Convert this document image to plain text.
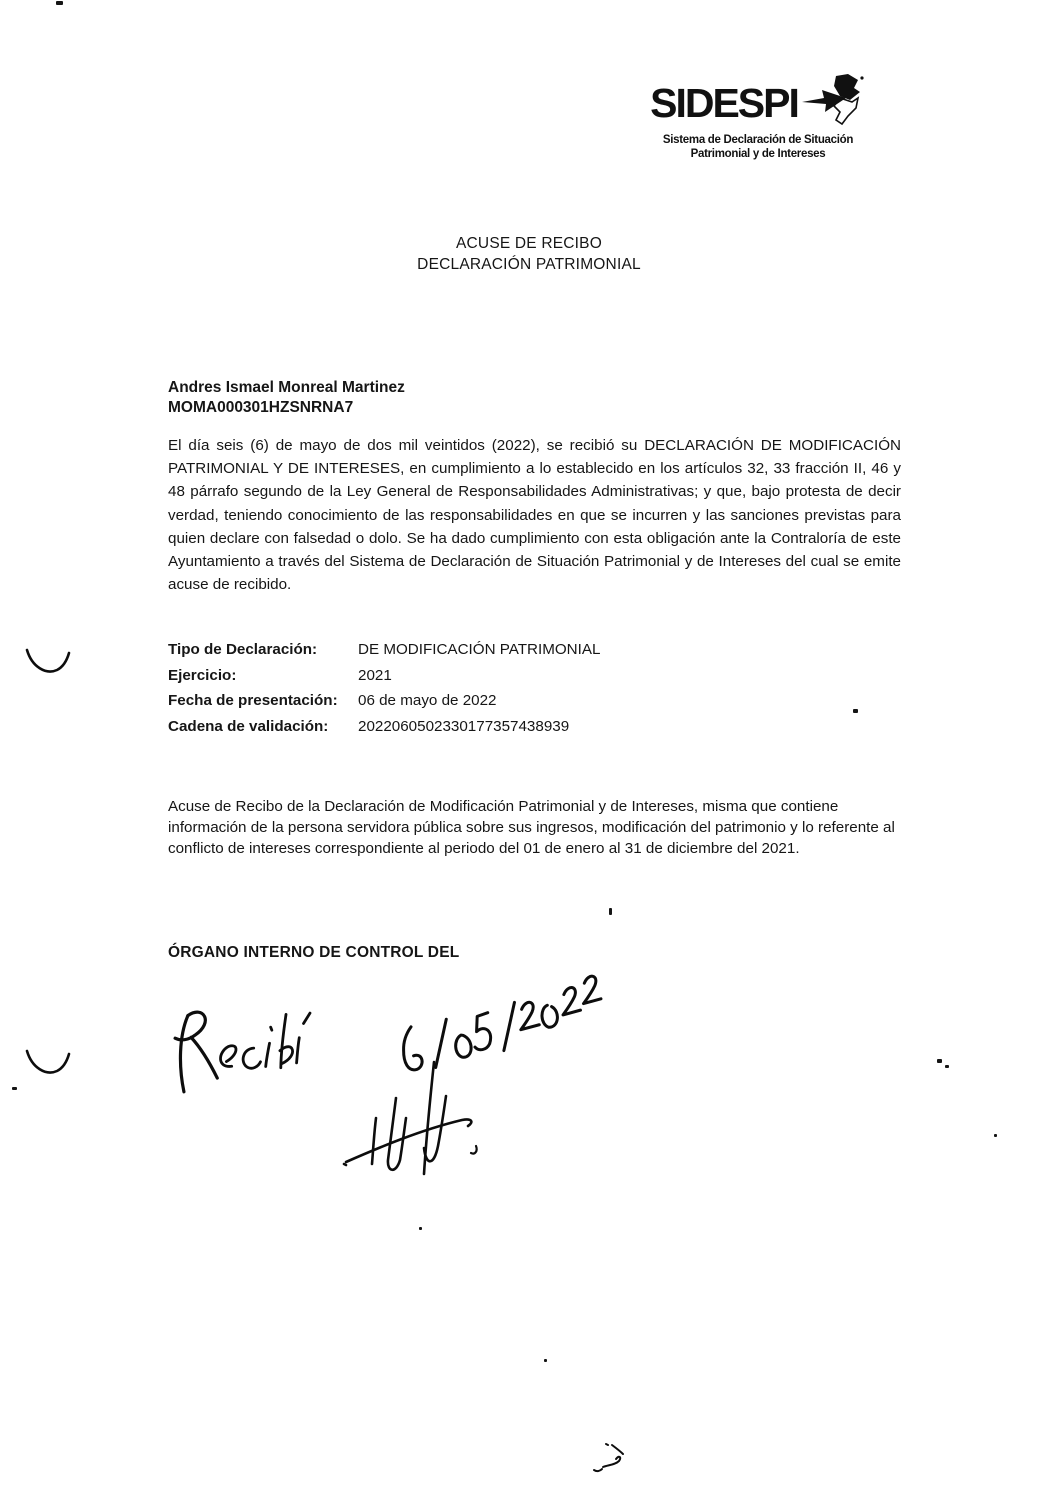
SIDESPI
Sistema de Declaración de Situación
Patrimonial y de Intereses
ACUSE DE RECIBO
DECLARACIÓN PATRIMONIAL
Andres Ismael Monreal Martinez
MOMA000301HZSNRNA7
El día seis (6) de mayo de dos mil veintidos (2022), se recibió su DECLARACIÓN DE MODIFICACIÓN PATRIMONIAL Y DE INTERESES, en cumplimiento a lo establecido en los artículos 32, 33 fracción II, 46 y 48 párrafo segundo de la Ley General de Responsabilidades Administrativas; y que, bajo protesta de decir verdad, teniendo conocimiento de las responsabilidades en que se incurren y las sanciones previstas para quien declare con falsedad o dolo. Se ha dado cumplimiento con esta obligación ante la Contraloría de este Ayuntamiento a través del Sistema de Declaración de Situación Patrimonial y de Intereses del cual se emite acuse de recibido.
Tipo de Declaración:	DE MODIFICACIÓN PATRIMONIAL
Ejercicio:	2021
Fecha de presentación:	06 de mayo de 2022
Cadena de validación:	2022060502330177357438939
Acuse de Recibo de la Declaración de Modificación Patrimonial y de Intereses, misma que contiene información de la persona servidora pública sobre sus ingresos, modificación del patrimonio y lo referente al conflicto de intereses correspondiente al periodo del 01 de enero al 31 de diciembre del 2021.
ÓRGANO INTERNO DE CONTROL DEL
